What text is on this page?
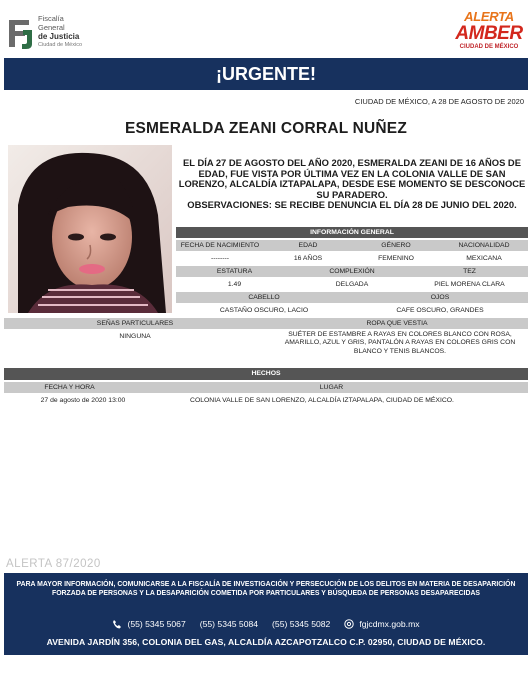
Fiscalía
General
de Justicia
Ciudad de México
ALERTA
AMBER
CIUDAD DE MÉXICO
¡URGENTE!
CIUDAD DE MÉXICO, A 28 DE AGOSTO DE 2020
ESMERALDA ZEANI CORRAL NUÑEZ
EL DÍA 27 DE AGOSTO DEL AÑO 2020, ESMERALDA ZEANI DE 16 AÑOS DE EDAD, FUE VISTA POR ÚLTIMA VEZ EN LA COLONIA VALLE DE SAN LORENZO, ALCALDÍA IZTAPALAPA, DESDE ESE MOMENTO SE DESCONOCE SU PARADERO.
OBSERVACIONES: SE RECIBE DENUNCIA EL DÍA 28 DE JUNIO DEL 2020.
INFORMACIÓN GENERAL
FECHA DE NACIMIENTO	EDAD	GÉNERO	NACIONALIDAD
--------	16 AÑOS	FEMENINO	MEXICANA
ESTATURA	COMPLEXIÓN	TEZ
1.49	DELGADA	PIEL MORENA CLARA
CABELLO	OJOS
CASTAÑO OSCURO, LACIO	CAFE OSCURO, GRANDES
SEÑAS PARTICULARES	ROPA QUE VESTIA
NINGUNA	SUÉTER DE ESTAMBRE A RAYAS EN COLORES BLANCO CON ROSA, AMARILLO, AZUL Y GRIS, PANTALÓN A RAYAS EN COLORES GRIS CON BLANCO Y TENIS BLANCOS.
HECHOS
FECHA Y HORA	LUGAR
27 de agosto de 2020 13:00	COLONIA VALLE DE SAN LORENZO, ALCALDÍA IZTAPALAPA, CIUDAD DE MÉXICO.
ALERTA 87/2020
PARA MAYOR INFORMACIÓN, COMUNICARSE A LA FISCALÍA DE INVESTIGACIÓN Y PERSECUCIÓN DE LOS DELITOS EN MATERIA DE DESAPARICIÓN FORZADA DE PERSONAS Y LA DESAPARICIÓN COMETIDA POR PARTICULARES Y BÚSQUEDA DE PERSONAS DESAPARECIDAS
(55) 5345 5067 (55) 5345 5084 (55) 5345 5082	fgjcdmx.gob.mx
AVENIDA JARDÍN 356, COLONIA DEL GAS, ALCALDÍA AZCAPOTZALCO C.P. 02950, CIUDAD DE MÉXICO.
